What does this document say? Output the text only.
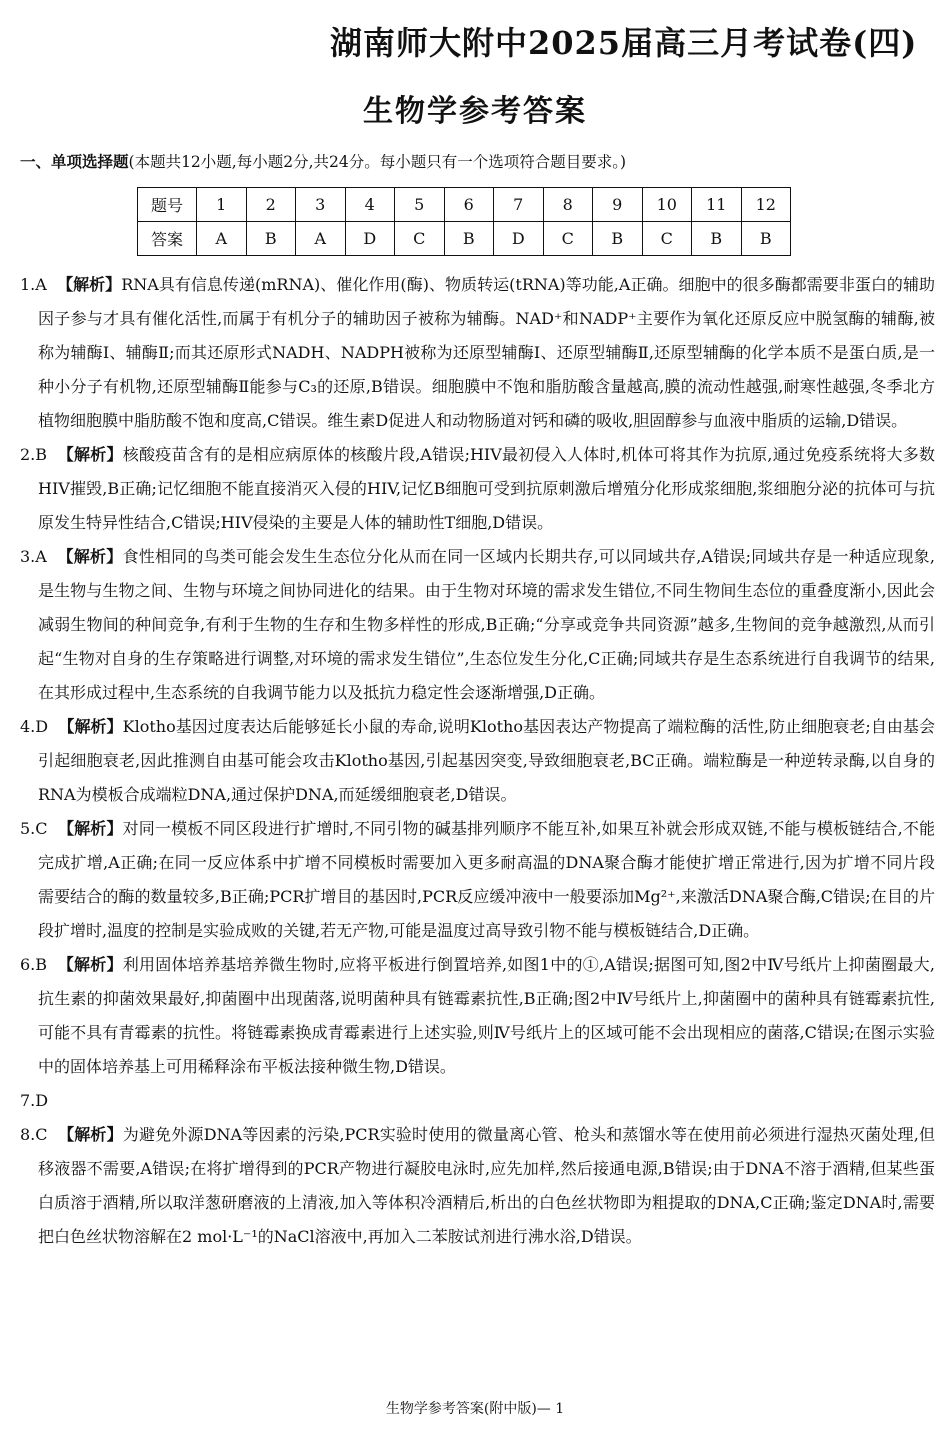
湖南师大附中2025届高三月考试卷(四)
生物学参考答案
一、单项选择题(本题共12小题,每小题2分,共24分。每小题只有一个选项符合题目要求。)
题号	1	2	3	4	5	6	7	8	9	10	11	12
答案	A	B	A	D	C	B	D	C	B	C	B	B
1.A 【解析】RNA具有信息传递(mRNA)、催化作用(酶)、物质转运(tRNA)等功能,A正确。细胞中的很多酶都需要非蛋白的辅助因子参与才具有催化活性,而属于有机分子的辅助因子被称为辅酶。NAD⁺和NADP⁺主要作为氧化还原反应中脱氢酶的辅酶,被称为辅酶Ⅰ、辅酶Ⅱ;而其还原形式NADH、NADPH被称为还原型辅酶Ⅰ、还原型辅酶Ⅱ,还原型辅酶的化学本质不是蛋白质,是一种小分子有机物,还原型辅酶Ⅱ能参与C₃的还原,B错误。细胞膜中不饱和脂肪酸含量越高,膜的流动性越强,耐寒性越强,冬季北方植物细胞膜中脂肪酸不饱和度高,C错误。维生素D促进人和动物肠道对钙和磷的吸收,胆固醇参与血液中脂质的运输,D错误。
2.B 【解析】核酸疫苗含有的是相应病原体的核酸片段,A错误;HIV最初侵入人体时,机体可将其作为抗原,通过免疫系统将大多数HIV摧毁,B正确;记忆细胞不能直接消灭入侵的HIV,记忆B细胞可受到抗原刺激后增殖分化形成浆细胞,浆细胞分泌的抗体可与抗原发生特异性结合,C错误;HIV侵染的主要是人体的辅助性T细胞,D错误。
3.A 【解析】食性相同的鸟类可能会发生生态位分化从而在同一区域内长期共存,可以同域共存,A错误;同域共存是一种适应现象,是生物与生物之间、生物与环境之间协同进化的结果。由于生物对环境的需求发生错位,不同生物间生态位的重叠度渐小,因此会减弱生物间的种间竞争,有利于生物的生存和生物多样性的形成,B正确;“分享或竞争共同资源”越多,生物间的竞争越激烈,从而引起“生物对自身的生存策略进行调整,对环境的需求发生错位”,生态位发生分化,C正确;同域共存是生态系统进行自我调节的结果,在其形成过程中,生态系统的自我调节能力以及抵抗力稳定性会逐渐增强,D正确。
4.D 【解析】Klotho基因过度表达后能够延长小鼠的寿命,说明Klotho基因表达产物提高了端粒酶的活性,防止细胞衰老;自由基会引起细胞衰老,因此推测自由基可能会攻击Klotho基因,引起基因突变,导致细胞衰老,BC正确。端粒酶是一种逆转录酶,以自身的RNA为模板合成端粒DNA,通过保护DNA,而延缓细胞衰老,D错误。
5.C 【解析】对同一模板不同区段进行扩增时,不同引物的碱基排列顺序不能互补,如果互补就会形成双链,不能与模板链结合,不能完成扩增,A正确;在同一反应体系中扩增不同模板时需要加入更多耐高温的DNA聚合酶才能使扩增正常进行,因为扩增不同片段需要结合的酶的数量较多,B正确;PCR扩增目的基因时,PCR反应缓冲液中一般要添加Mg²⁺,来激活DNA聚合酶,C错误;在目的片段扩增时,温度的控制是实验成败的关键,若无产物,可能是温度过高导致引物不能与模板链结合,D正确。
6.B 【解析】利用固体培养基培养微生物时,应将平板进行倒置培养,如图1中的①,A错误;据图可知,图2中Ⅳ号纸片上抑菌圈最大,抗生素的抑菌效果最好,抑菌圈中出现菌落,说明菌种具有链霉素抗性,B正确;图2中Ⅳ号纸片上,抑菌圈中的菌种具有链霉素抗性,可能不具有青霉素的抗性。将链霉素换成青霉素进行上述实验,则Ⅳ号纸片上的区域可能不会出现相应的菌落,C错误;在图示实验中的固体培养基上可用稀释涂布平板法接种微生物,D错误。
7.D
8.C 【解析】为避免外源DNA等因素的污染,PCR实验时使用的微量离心管、枪头和蒸馏水等在使用前必须进行湿热灭菌处理,但移液器不需要,A错误;在将扩增得到的PCR产物进行凝胶电泳时,应先加样,然后接通电源,B错误;由于DNA不溶于酒精,但某些蛋白质溶于酒精,所以取洋葱研磨液的上清液,加入等体积冷酒精后,析出的白色丝状物即为粗提取的DNA,C正确;鉴定DNA时,需要把白色丝状物溶解在2 mol·L⁻¹的NaCl溶液中,再加入二苯胺试剂进行沸水浴,D错误。
生物学参考答案(附中版)— 1
